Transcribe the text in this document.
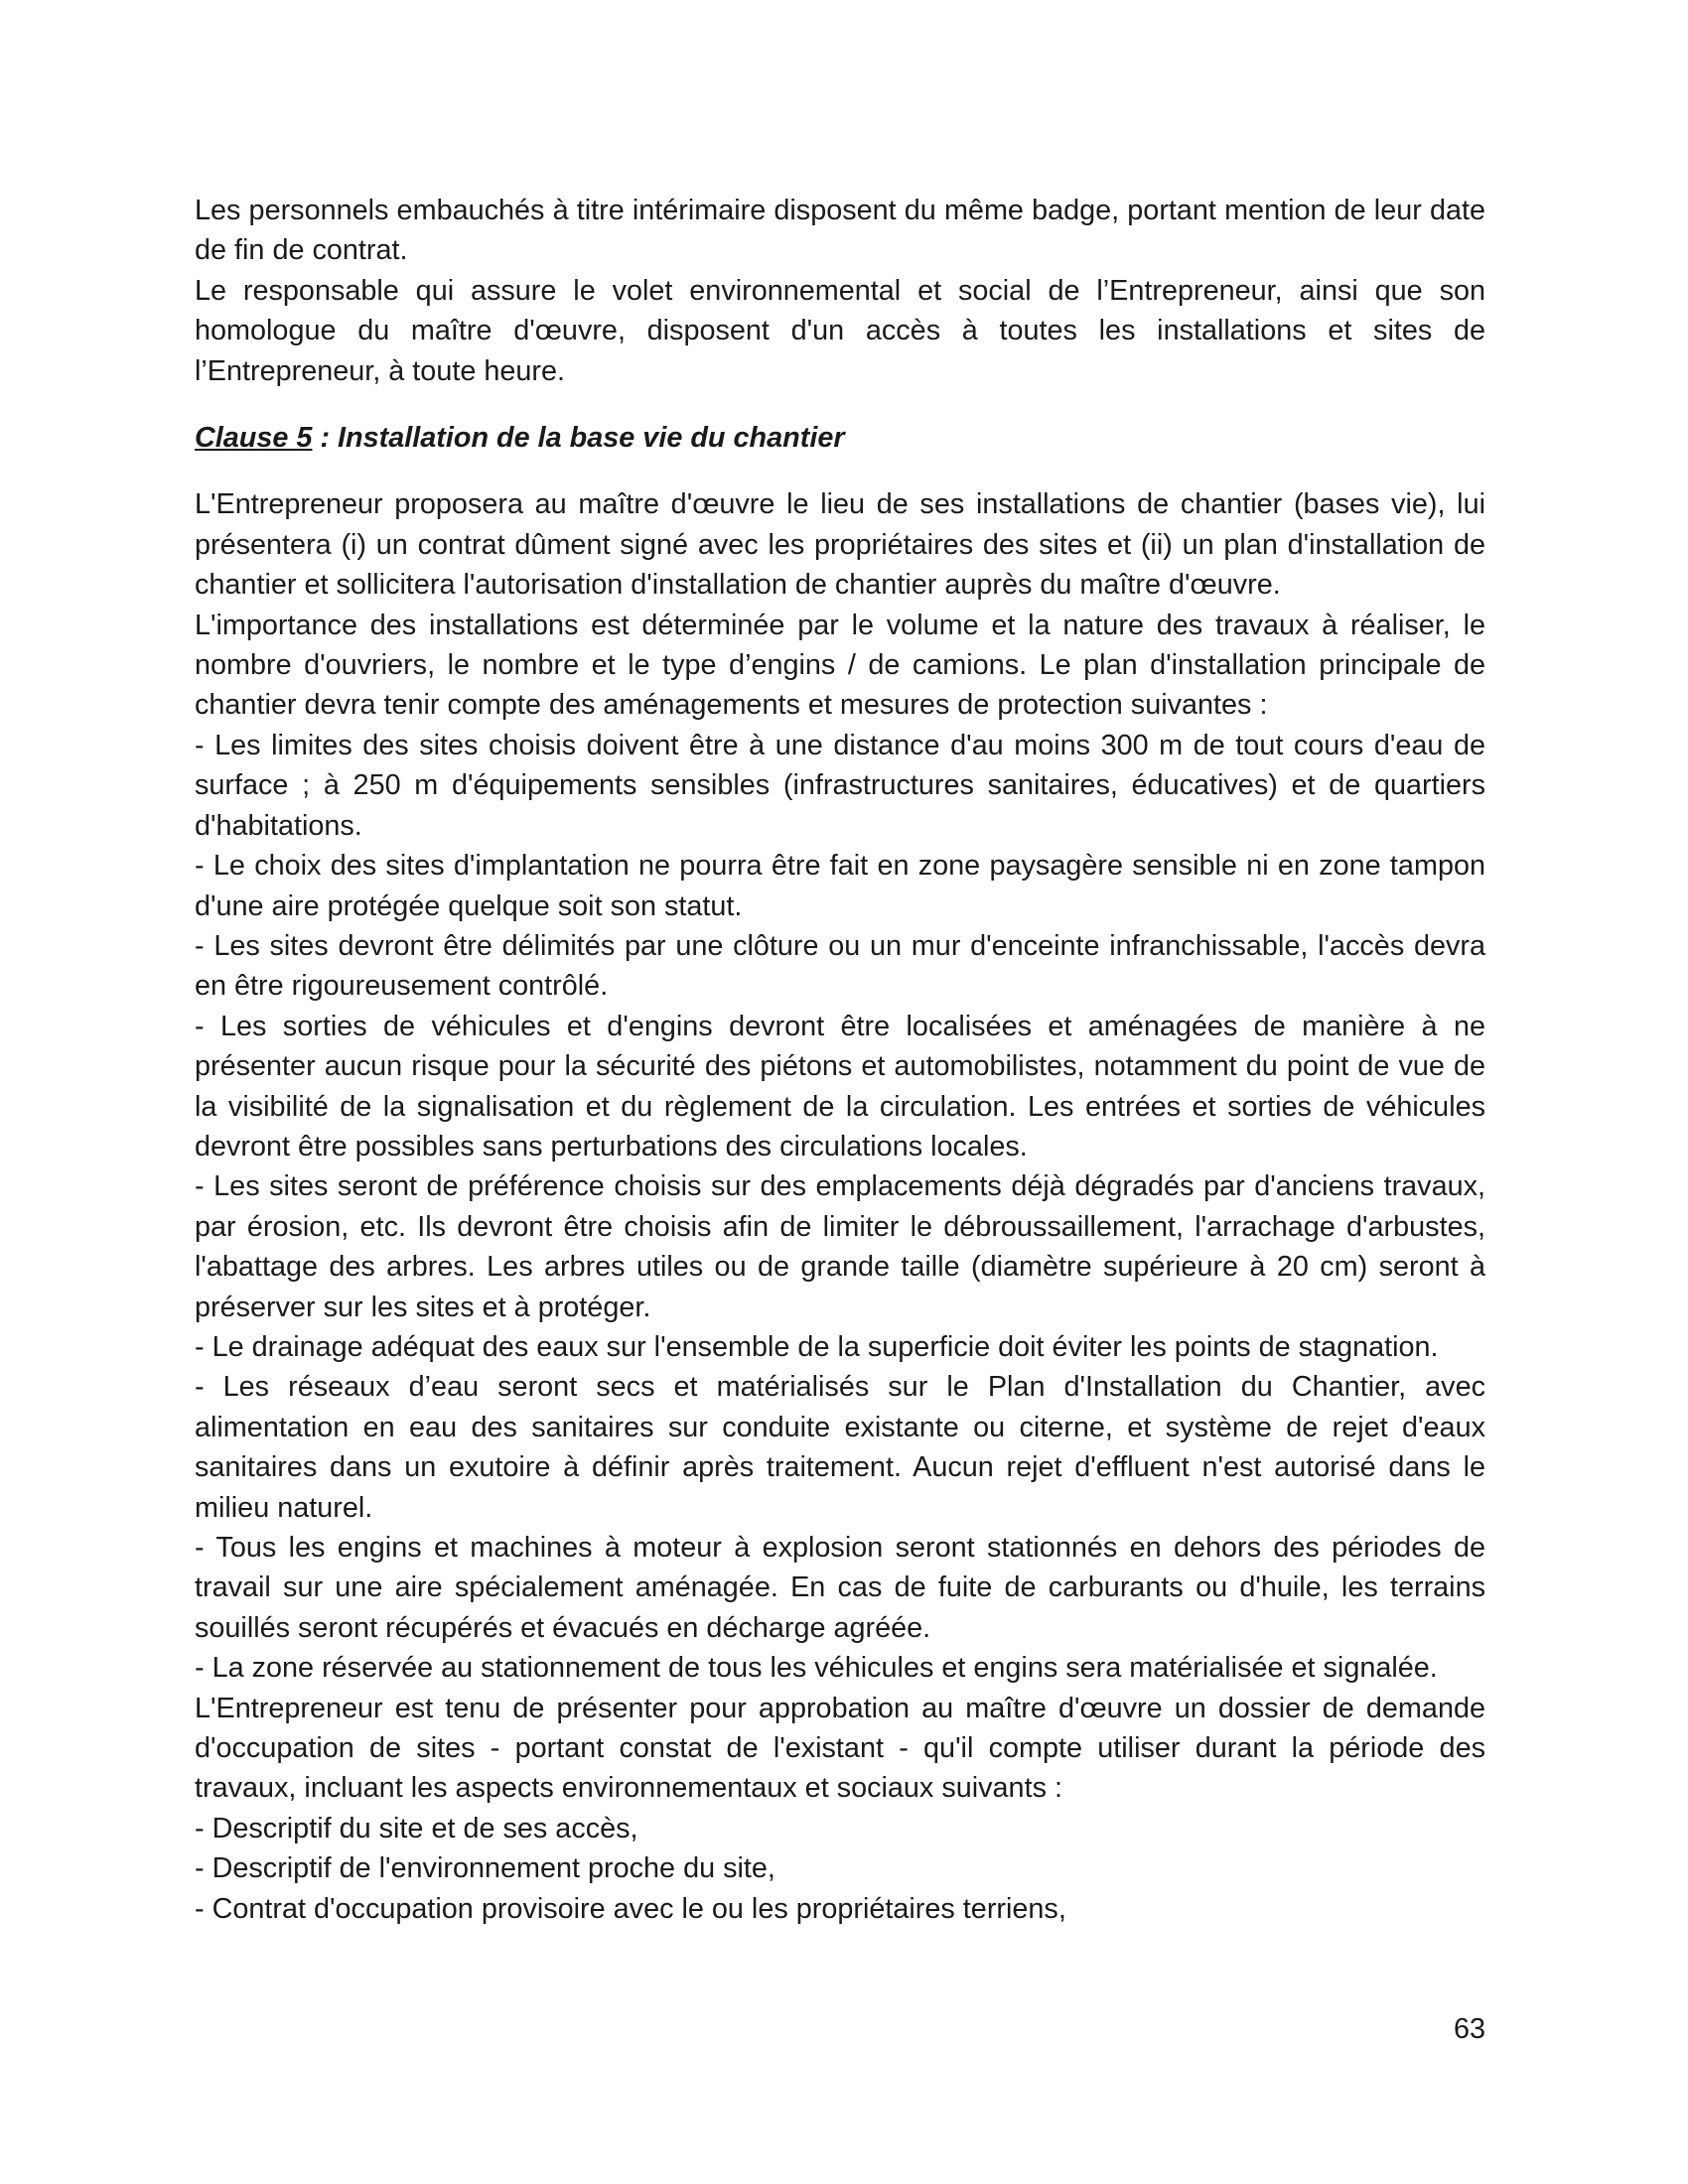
Les personnels embauchés à titre intérimaire disposent du même badge, portant mention de leur date de fin de contrat.

Le responsable qui assure le volet environnemental et social de l’Entrepreneur, ainsi que son homologue du maître d'œuvre, disposent d'un accès à toutes les installations et sites de l’Entrepreneur, à toute heure.

Clause 5 : Installation de la base vie du chantier

L'Entrepreneur proposera au maître d'œuvre le lieu de ses installations de chantier (bases vie), lui présentera (i) un contrat dûment signé avec les propriétaires des sites et (ii) un plan d'installation de chantier et sollicitera l'autorisation d'installation de chantier auprès du maître d'œuvre.

L'importance des installations est déterminée par le volume et la nature des travaux à réaliser, le nombre d'ouvriers, le nombre et le type d’engins / de camions. Le plan d'installation principale de chantier devra tenir compte des aménagements et mesures de protection suivantes :

- Les limites des sites choisis doivent être à une distance d'au moins 300 m de tout cours d'eau de surface ; à 250 m d'équipements sensibles (infrastructures sanitaires, éducatives) et de quartiers d'habitations.

- Le choix des sites d'implantation ne pourra être fait en zone paysagère sensible ni en zone tampon d'une aire protégée quelque soit son statut.

- Les sites devront être délimités par une clôture ou un mur d'enceinte infranchissable, l'accès devra en être rigoureusement contrôlé.

- Les sorties de véhicules et d'engins devront être localisées et aménagées de manière à ne présenter aucun risque pour la sécurité des piétons et automobilistes, notamment du point de vue de la visibilité de la signalisation et du règlement de la circulation. Les entrées et sorties de véhicules devront être possibles sans perturbations des circulations locales.

- Les sites seront de préférence choisis sur des emplacements déjà dégradés par d'anciens travaux, par érosion, etc. Ils devront être choisis afin de limiter le débroussaillement, l'arrachage d'arbustes, l'abattage des arbres. Les arbres utiles ou de grande taille (diamètre supérieure à 20 cm) seront à préserver sur les sites et à protéger.

- Le drainage adéquat des eaux sur l'ensemble de la superficie doit éviter les points de stagnation.

- Les réseaux d’eau seront secs et matérialisés sur le Plan d'Installation du Chantier, avec alimentation en eau des sanitaires sur conduite existante ou citerne, et système de rejet d'eaux sanitaires dans un exutoire à définir après traitement. Aucun rejet d'effluent n'est autorisé dans le milieu naturel.

- Tous les engins et machines à moteur à explosion seront stationnés en dehors des périodes de travail sur une aire spécialement aménagée. En cas de fuite de carburants ou d'huile, les terrains souillés seront récupérés et évacués en décharge agréée.

- La zone réservée au stationnement de tous les véhicules et engins sera matérialisée et signalée.

L'Entrepreneur est tenu de présenter pour approbation au maître d'œuvre un dossier de demande d'occupation de sites - portant constat de l'existant - qu'il compte utiliser durant la période des travaux, incluant les aspects environnementaux et sociaux suivants :

- Descriptif du site et de ses accès,

- Descriptif de l'environnement proche du site,

- Contrat d'occupation provisoire avec le ou les propriétaires terriens,

63
